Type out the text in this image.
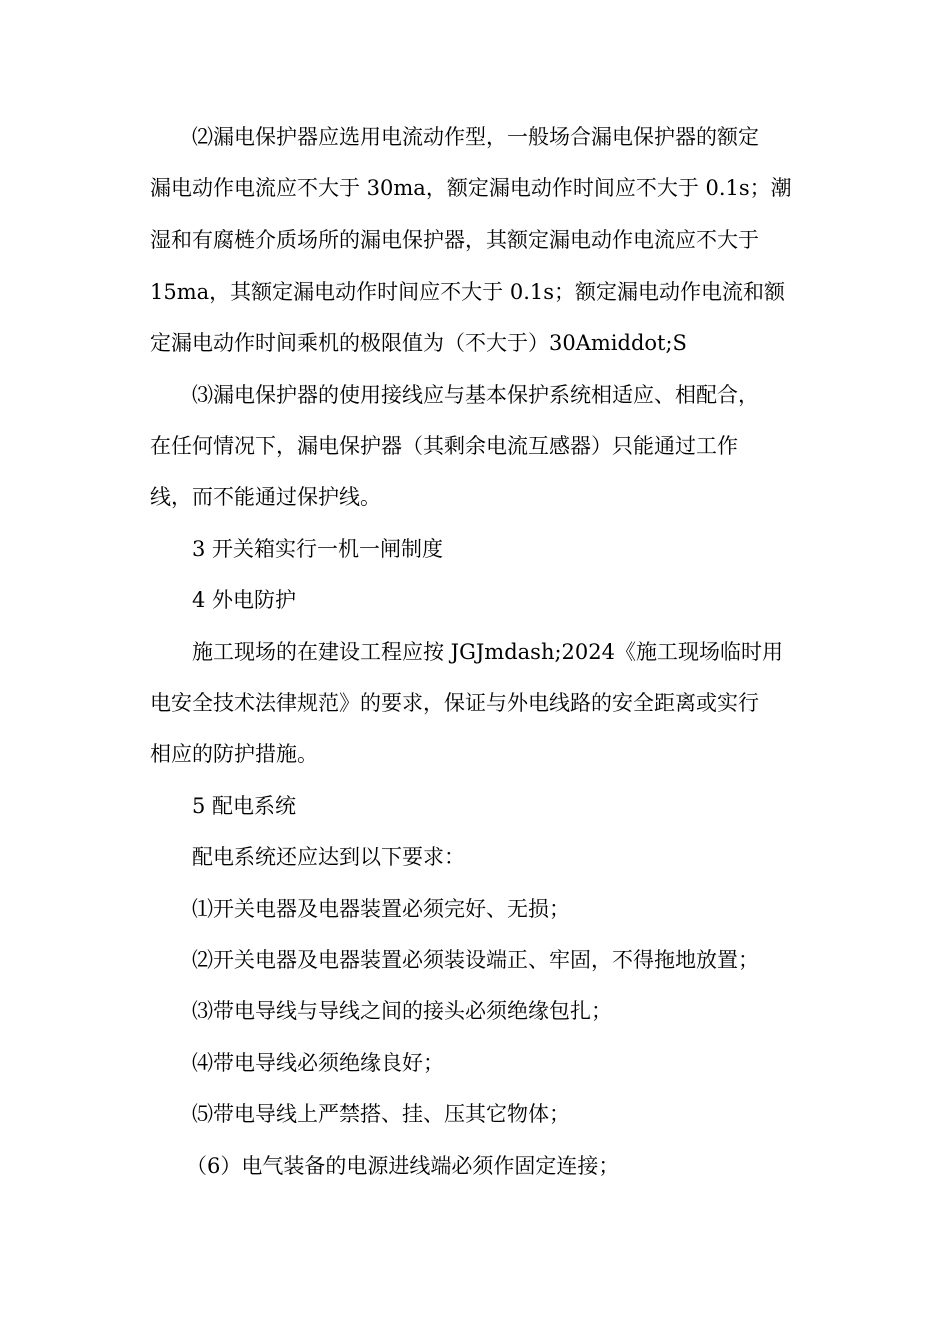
⑵漏电保护器应选用电流动作型，一般场合漏电保护器的额定
漏电动作电流应不大于 30ma，额定漏电动作时间应不大于 0.1s；潮
湿和有腐梿介质场所的漏电保护器，其额定漏电动作电流应不大于
15ma，其额定漏电动作时间应不大于 0.1s；额定漏电动作电流和额
定漏电动作时间乘机的极限值为（不大于）30Amiddot;S
⑶漏电保护器的使用接线应与基本保护系统相适应、相配合，
在任何情况下，漏电保护器（其剩余电流互感器）只能通过工作
线，而不能通过保护线。
3 开关箱实行一机一闸制度
4 外电防护
施工现场的在建设工程应按 JGJmdash;2024《施工现场临时用
电安全技术法律规范》的要求，保证与外电线路的安全距离或实行
相应的防护措施。
5 配电系统
配电系统还应达到以下要求：
⑴开关电器及电器装置必须完好、无损；
⑵开关电器及电器装置必须装设端正、牢固，不得拖地放置；
⑶带电导线与导线之间的接头必须绝缘包扎；
⑷带电导线必须绝缘良好；
⑸带电导线上严禁搭、挂、压其它物体；
（6）电气装备的电源进线端必须作固定连接；
